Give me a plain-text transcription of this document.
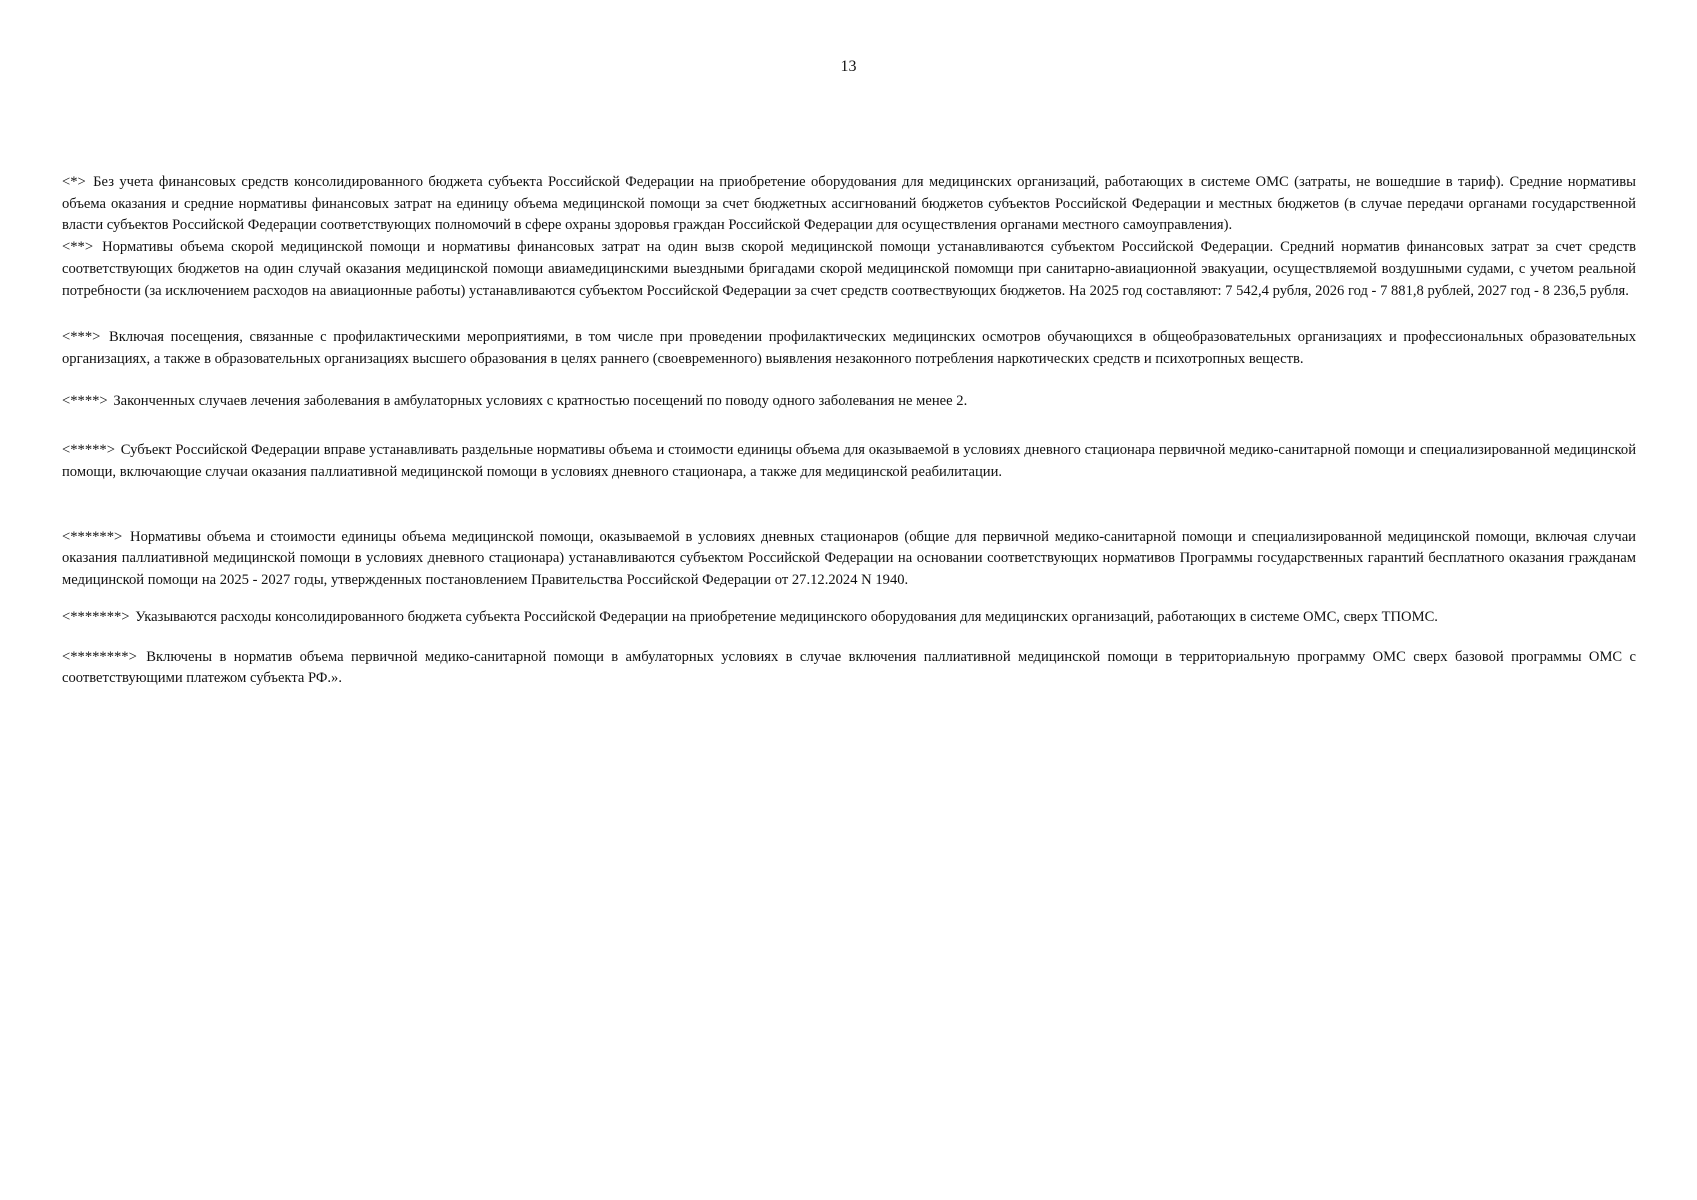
13

<*> Без учета финансовых средств консолидированного бюджета субъекта Российской Федерации на приобретение оборудования для медицинских организаций, работающих в системе ОМС (затраты, не вошедшие в тариф). Средние нормативы объема оказания и средние нормативы финансовых затрат на единицу объема медицинской помощи за счет бюджетных ассигнований бюджетов субъектов Российской Федерации и местных бюджетов (в случае передачи органами государственной власти субъектов Российской Федерации соответствующих полномочий в сфере охраны здоровья граждан Российской Федерации для осуществления органами местного самоуправления).

<**> Нормативы объема скорой медицинской помощи и нормативы финансовых затрат на один вызв скорой медицинской помощи устанавливаются субъектом Российской Федерации. Средний норматив финансовых затрат за счет средств соответствующих бюджетов на один случай оказания медицинской помощи авиамедицинскими выездными бригадами скорой медицинской помомщи при санитарно-авиационной эвакуации, осуществляемой воздушными судами, с учетом реальной потребности (за исключением расходов на авиационные работы) устанавливаются субъектом Российской Федерации за счет средств соотвествующих бюджетов. На 2025 год составляют: 7 542,4 рубля, 2026 год - 7 881,8 рублей, 2027 год - 8 236,5 рубля.

<***> Включая посещения, связанные с профилактическими мероприятиями, в том числе при проведении профилактических медицинских осмотров обучающихся в общеобразовательных организациях и профессиональных образовательных организациях, а также в образовательных организациях высшего образования в целях раннего (своевременного) выявления незаконного потребления наркотических средств и психотропных веществ.

<****> Законченных случаев лечения заболевания в амбулаторных условиях с кратностью посещений по поводу одного заболевания не менее 2.

<*****> Субъект Российской Федерации вправе устанавливать раздельные нормативы объема и стоимости единицы объема для оказываемой в условиях дневного стационара первичной медико-санитарной помощи и специализированной медицинской помощи, включающие случаи оказания паллиативной медицинской помощи в условиях дневного стационара, а также для медицинской реабилитации.

<******> Нормативы объема и стоимости единицы объема медицинской помощи, оказываемой в условиях дневных стационаров (общие для первичной медико-санитарной помощи и специализированной медицинской помощи, включая случаи оказания паллиативной медицинской помощи в условиях дневного стационара) устанавливаются субъектом Российской Федерации на основании соответствующих нормативов Программы государственных гарантий бесплатного оказания гражданам медицинской помощи на 2025 - 2027 годы, утвержденных постановлением Правительства Российской Федерации от 27.12.2024 N 1940.

<*******> Указываются расходы консолидированного бюджета субъекта Российской Федерации на приобретение медицинского оборудования для медицинских организаций, работающих в системе ОМС, сверх ТПОМС.

<********> Включены в норматив объема первичной медико-санитарной помощи в амбулаторных условиях в случае включения паллиативной медицинской помощи в территориальную программу ОМС сверх базовой программы ОМС с соответствующими платежом субъекта РФ.».
